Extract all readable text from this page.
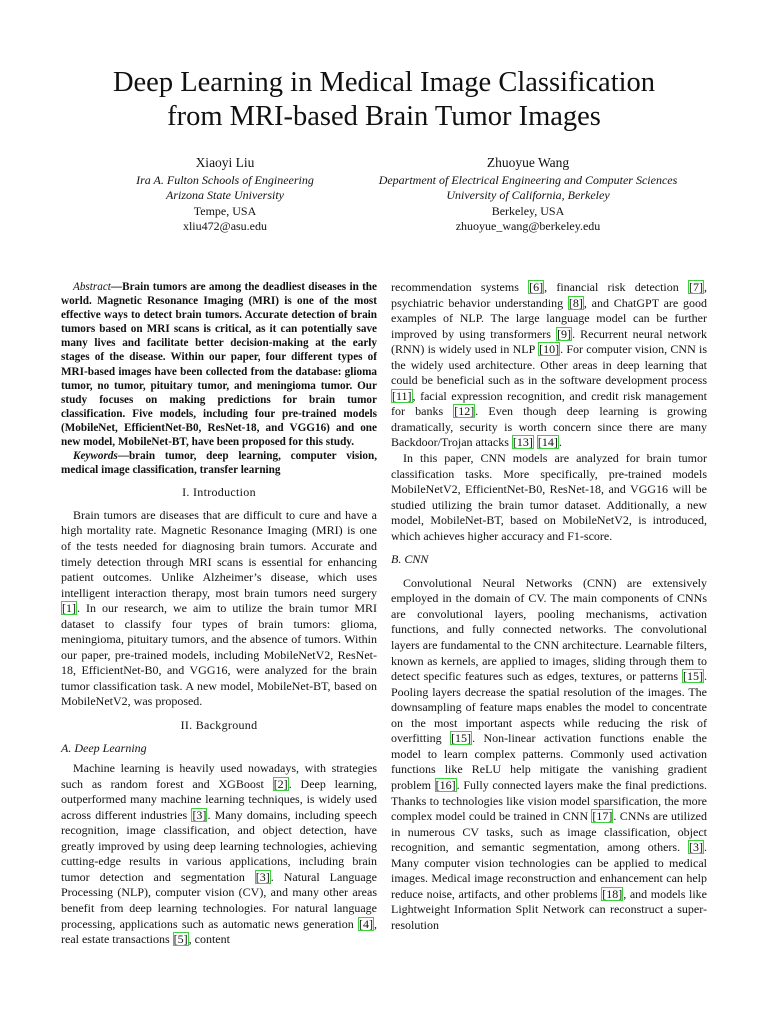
Deep Learning in Medical Image Classification
from MRI-based Brain Tumor Images
Xiaoyi Liu
Ira A. Fulton Schools of Engineering
Arizona State University
Tempe, USA
xliu472@asu.edu
Zhuoyue Wang
Department of Electrical Engineering and Computer Sciences
University of California, Berkeley
Berkeley, USA
zhuoyue_wang@berkeley.edu

Abstract—Brain tumors are among the deadliest diseases in the world. Magnetic Resonance Imaging (MRI) is one of the most effective ways to detect brain tumors. Accurate detection of brain tumors based on MRI scans is critical, as it can potentially save many lives and facilitate better decision-making at the early stages of the disease. Within our paper, four different types of MRI-based images have been collected from the database: glioma tumor, no tumor, pituitary tumor, and meningioma tumor. Our study focuses on making predictions for brain tumor classification. Five models, including four pre-trained models (MobileNet, EfficientNet-B0, ResNet-18, and VGG16) and one new model, MobileNet-BT, have been proposed for this study.

Keywords—brain tumor, deep learning, computer vision, medical image classification, transfer learning

I. Introduction

Brain tumors are diseases that are difficult to cure and have a high mortality rate. Magnetic Resonance Imaging (MRI) is one of the tests needed for diagnosing brain tumors. Accurate and timely detection through MRI scans is essential for enhancing patient outcomes. Unlike Alzheimer’s disease, which uses intelligent interaction therapy, most brain tumors need surgery [1]. In our research, we aim to utilize the brain tumor MRI dataset to classify four types of brain tumors: glioma, meningioma, pituitary tumors, and the absence of tumors. Within our paper, pre-trained models, including MobileNetV2, ResNet-18, EfficientNet-B0, and VGG16, were analyzed for the brain tumor classification task. A new model, MobileNet-BT, based on MobileNetV2, was proposed.

II. Background
A. Deep Learning

Machine learning is heavily used nowadays, with strategies such as random forest and XGBoost [2]. Deep learning, outperformed many machine learning techniques, is widely used across different industries [3]. Many domains, including speech recognition, image classification, and object detection, have greatly improved by using deep learning technologies, achieving cutting-edge results in various applications, including brain tumor detection and segmentation [3]. Natural Language Processing (NLP), computer vision (CV), and many other areas benefit from deep learning technologies. For natural language processing, applications such as automatic news generation [4], real estate transactions [5], content

recommendation systems [6], financial risk detection [7], psychiatric behavior understanding [8], and ChatGPT are good examples of NLP. The large language model can be further improved by using transformers [9]. Recurrent neural network (RNN) is widely used in NLP [10]. For computer vision, CNN is the widely used architecture. Other areas in deep learning that could be beneficial such as in the software development process [11], facial expression recognition, and credit risk management for banks [12]. Even though deep learning is growing dramatically, security is worth concern since there are many Backdoor/Trojan attacks [13] [14].

In this paper, CNN models are analyzed for brain tumor classification tasks. More specifically, pre-trained models MobileNetV2, EfficientNet-B0, ResNet-18, and VGG16 will be studied utilizing the brain tumor dataset. Additionally, a new model, MobileNet-BT, based on MobileNetV2, is introduced, which achieves higher accuracy and F1-score.

B. CNN

Convolutional Neural Networks (CNN) are extensively employed in the domain of CV. The main components of CNNs are convolutional layers, pooling mechanisms, activation functions, and fully connected networks. The convolutional layers are fundamental to the CNN architecture. Learnable filters, known as kernels, are applied to images, sliding through them to detect specific features such as edges, textures, or patterns [15]. Pooling layers decrease the spatial resolution of the images. The downsampling of feature maps enables the model to concentrate on the most important aspects while reducing the risk of overfitting [15]. Non-linear activation functions enable the model to learn complex patterns. Commonly used activation functions like ReLU help mitigate the vanishing gradient problem [16]. Fully connected layers make the final predictions. Thanks to technologies like vision model sparsification, the more complex model could be trained in CNN [17]. CNNs are utilized in numerous CV tasks, such as image classification, object recognition, and semantic segmentation, among others. [3]. Many computer vision technologies can be applied to medical images. Medical image reconstruction and enhancement can help reduce noise, artifacts, and other problems [18], and models like Lightweight Information Split Network can reconstruct a super-resolution
